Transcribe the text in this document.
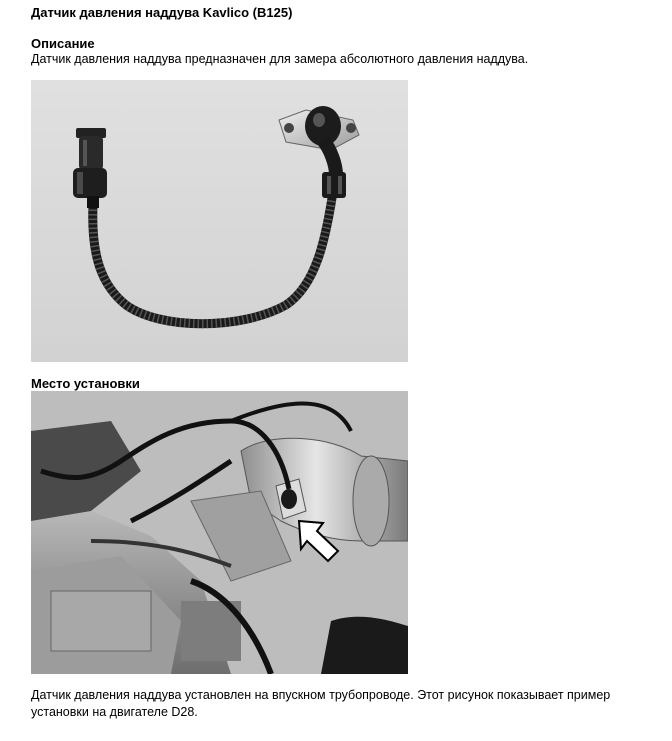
Датчик давления наддува Kavlico (B125)
Описание
Датчик давления наддува предназначен для замера абсолютного давления наддува.
Место установки
Датчик давления наддува установлен на впускном трубопроводе. Этот рисунок показывает пример
установки на двигателе D28.
